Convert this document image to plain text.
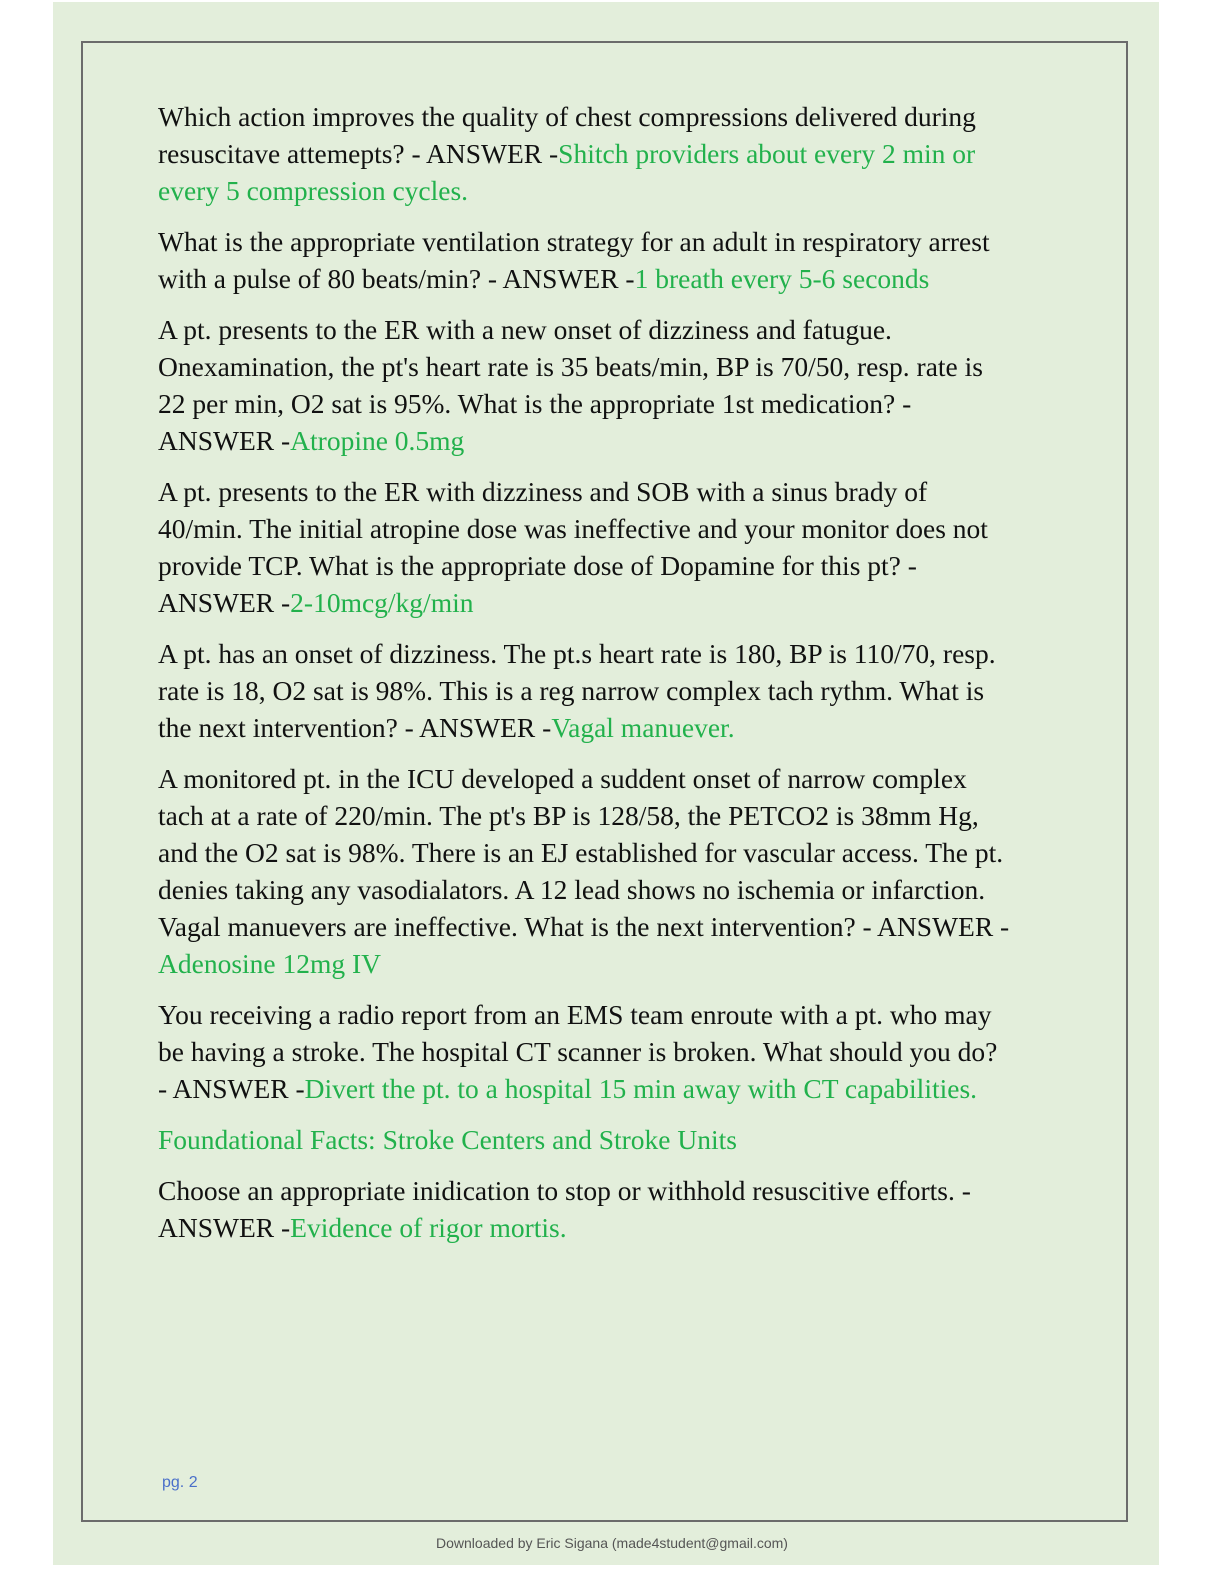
Which action improves the quality of chest compressions delivered during resuscitave attemepts? - ANSWER -Shitch providers about every 2 min or every 5 compression cycles.

What is the appropriate ventilation strategy for an adult in respiratory arrest with a pulse of 80 beats/min? - ANSWER -1 breath every 5-6 seconds

A pt. presents to the ER with a new onset of dizziness and fatugue. Onexamination, the pt's heart rate is 35 beats/min, BP is 70/50, resp. rate is 22 per min, O2 sat is 95%. What is the appropriate 1st medication? - ANSWER -Atropine 0.5mg

A pt. presents to the ER with dizziness and SOB with a sinus brady of 40/min. The initial atropine dose was ineffective and your monitor does not provide TCP. What is the appropriate dose of Dopamine for this pt? - ANSWER -2-10mcg/kg/min

A pt. has an onset of dizziness. The pt.s heart rate is 180, BP is 110/70, resp. rate is 18, O2 sat is 98%. This is a reg narrow complex tach rythm. What is the next intervention? - ANSWER -Vagal manuever.

A monitored pt. in the ICU developed a suddent onset of narrow complex tach at a rate of 220/min. The pt's BP is 128/58, the PETCO2 is 38mm Hg, and the O2 sat is 98%. There is an EJ established for vascular access. The pt. denies taking any vasodialators. A 12 lead shows no ischemia or infarction. Vagal manuevers are ineffective. What is the next intervention? - ANSWER -Adenosine 12mg IV

You receiving a radio report from an EMS team enroute with a pt. who may be having a stroke. The hospital CT scanner is broken. What should you do? - ANSWER -Divert the pt. to a hospital 15 min away with CT capabilities.

Foundational Facts: Stroke Centers and Stroke Units

Choose an appropriate inidication to stop or withhold resuscitive efforts. - ANSWER -Evidence of rigor mortis.

pg. 2
Downloaded by Eric Sigana (made4student@gmail.com)
